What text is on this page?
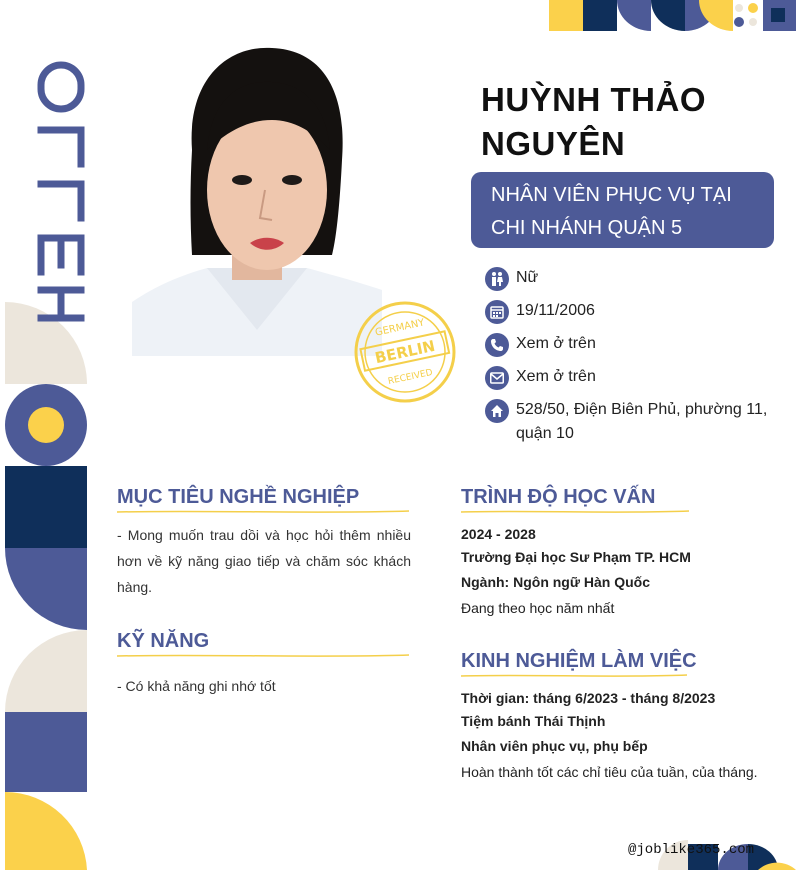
GERMANY
BERLIN
RECEIVED
HUỲNH THẢO
NGUYÊN
NHÂN VIÊN PHỤC VỤ TẠI
CHI NHÁNH QUẬN 5
Nữ
19/11/2006
Xem ở trên
Xem ở trên
528/50, Điện Biên Phủ, phường 11, quận 10
MỤC TIÊU NGHỀ NGHIỆP
- Mong muốn trau dồi và học hỏi thêm nhiều hơn về kỹ năng giao tiếp và chăm sóc khách hàng.
KỸ NĂNG
- Có khả năng ghi nhớ tốt
TRÌNH ĐỘ HỌC VẤN
2024 - 2028
Trường Đại học Sư Phạm TP. HCM
Ngành: Ngôn ngữ Hàn Quốc
Đang theo học năm nhất
KINH NGHIỆM LÀM VIỆC
Thời gian: tháng 6/2023 - tháng 8/2023
Tiệm bánh Thái Thịnh
Nhân viên phục vụ, phụ bếp
Hoàn thành tốt các chỉ tiêu của tuần, của tháng.
@joblike365.com
